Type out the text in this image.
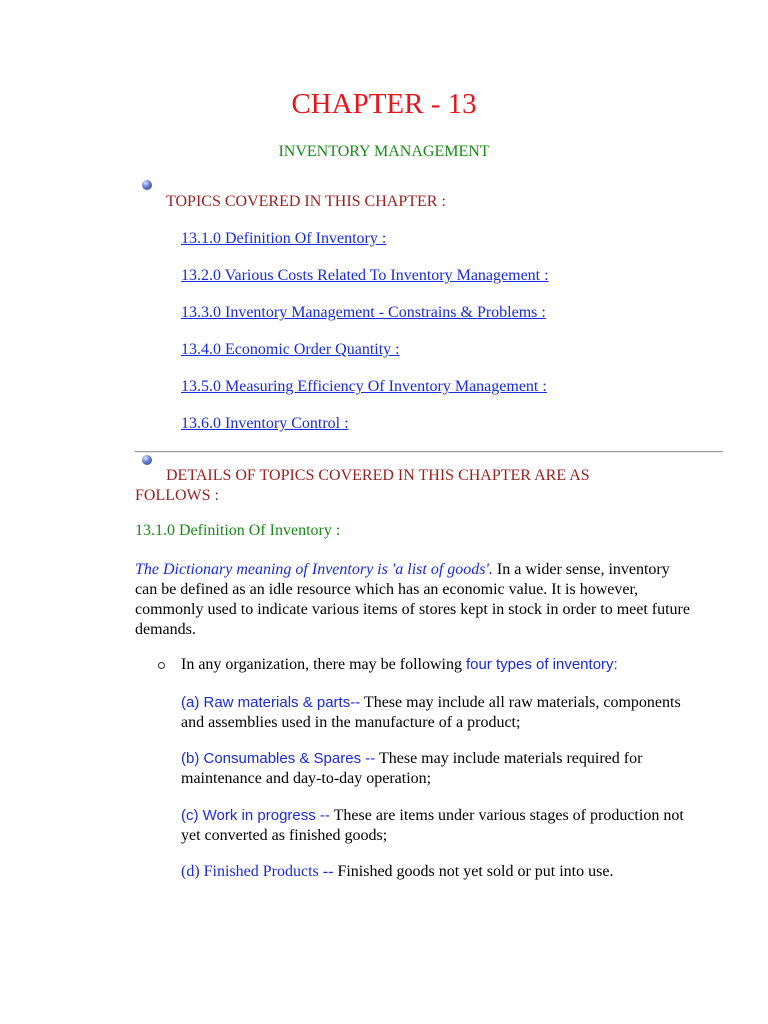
CHAPTER - 13
INVENTORY MANAGEMENT
TOPICS COVERED IN THIS CHAPTER :
13.1.0 Definition Of Inventory :
13.2.0 Various Costs Related To Inventory Management :
13.3.0 Inventory Management - Constrains & Problems :
13.4.0 Economic Order Quantity :
13.5.0 Measuring Efficiency Of Inventory Management :
13.6.0 Inventory Control :
DETAILS OF TOPICS COVERED IN THIS CHAPTER ARE AS
FOLLOWS :
13.1.0 Definition Of Inventory :
The Dictionary meaning of Inventory is 'a list of goods'. In a wider sense, inventory can be defined as an idle resource which has an economic value. It is however, commonly used to indicate various items of stores kept in stock in order to meet future demands.
In any organization, there may be following four types of inventory:
(a) Raw materials & parts-- These may include all raw materials, components and assemblies used in the manufacture of a product;
(b) Consumables & Spares -- These may include materials required for maintenance and day-to-day operation;
(c) Work in progress -- These are items under various stages of production not yet converted as finished goods;
(d) Finished Products -- Finished goods not yet sold or put into use.
